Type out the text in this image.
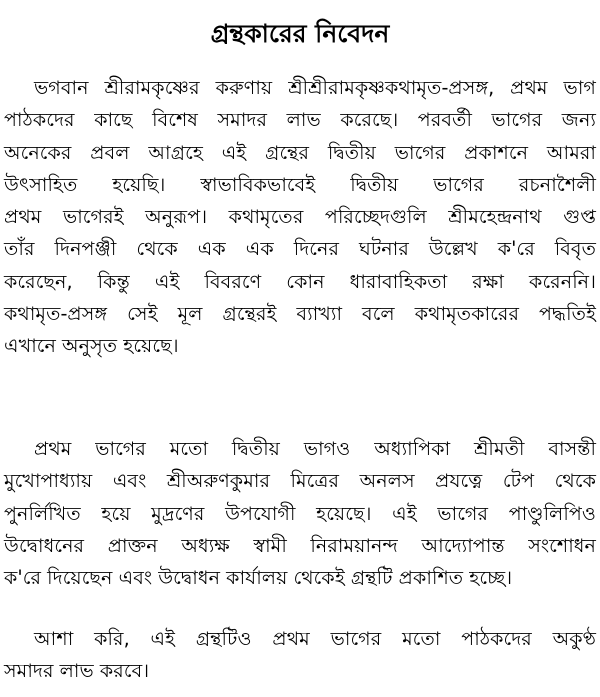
গ্রন্থকারের নিবেদন
ভগবান শ্রীরামকৃষ্ণের করুণায় শ্রীশ্রীরামকৃষ্ণকথামৃত-প্রসঙ্গ, প্রথম ভাগ
পাঠকদের কাছে বিশেষ সমাদর লাভ করেছে। পরবর্তী ভাগের জন্য
অনেকের প্রবল আগ্রহে এই গ্রন্থের দ্বিতীয় ভাগের প্রকাশনে আমরা
উৎসাহিত হয়েছি। স্বাভাবিকভাবেই দ্বিতীয় ভাগের রচনাশৈলী
প্রথম ভাগেরই অনুরূপ। কথামৃতের পরিচ্ছেদগুলি শ্রীমহেন্দ্রনাথ গুপ্ত
তাঁর দিনপঞ্জী থেকে এক এক দিনের ঘটনার উল্লেখ ক'রে বিবৃত
করেছেন, কিন্তু এই বিবরণে কোন ধারাবাহিকতা রক্ষা করেননি।
কথামৃত-প্রসঙ্গ সেই মূল গ্রন্থেরই ব্যাখ্যা বলে কথামৃতকারের পদ্ধতিই
এখানে অনুসৃত হয়েছে।
প্রথম ভাগের মতো দ্বিতীয় ভাগও অধ্যাপিকা শ্রীমতী বাসন্তী
মুখোপাধ্যায় এবং শ্রীঅরুণকুমার মিত্রের অনলস প্রযত্নে টেপ থেকে
পুনর্লিখিত হয়ে মুদ্রণের উপযোগী হয়েছে। এই ভাগের পাণ্ডুলিপিও
উদ্বোধনের প্রাক্তন অধ্যক্ষ স্বামী নিরাময়ানন্দ আদ্যোপান্ত সংশোধন
ক'রে দিয়েছেন এবং উদ্বোধন কার্যালয় থেকেই গ্রন্থটি প্রকাশিত হচ্ছে।
আশা করি, এই গ্রন্থটিও প্রথম ভাগের মতো পাঠকদের অকুণ্ঠ
সমাদর লাভ করবে।
